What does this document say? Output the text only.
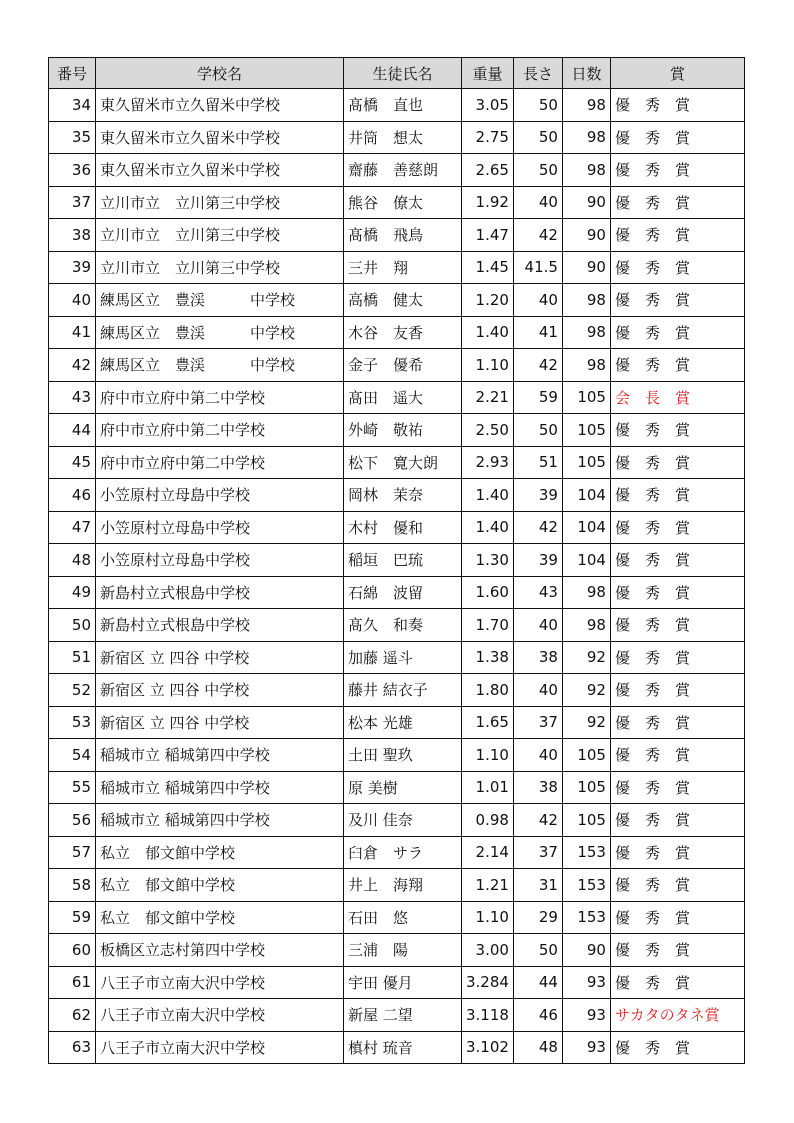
番号	学校名	生徒氏名	重量	長さ	日数	賞
34	東久留米市立久留米中学校	髙橋　直也	3.05	50	98	優　秀　賞
35	東久留米市立久留米中学校	井筒　想太	2.75	50	98	優　秀　賞
36	東久留米市立久留米中学校	齋藤　善慈朗	2.65	50	98	優　秀　賞
37	立川市立　立川第三中学校	熊谷　僚太	1.92	40	90	優　秀　賞
38	立川市立　立川第三中学校	髙橋　飛鳥	1.47	42	90	優　秀　賞
39	立川市立　立川第三中学校	三井　翔	1.45	41.5	90	優　秀　賞
40	練馬区立　豊渓　　　中学校	高橋　健太	1.20	40	98	優　秀　賞
41	練馬区立　豊渓　　　中学校	木谷　友香	1.40	41	98	優　秀　賞
42	練馬区立　豊渓　　　中学校	金子　優希	1.10	42	98	優　秀　賞
43	府中市立府中第二中学校	髙田　遥大	2.21	59	105	会　長　賞
44	府中市立府中第二中学校	外崎　敬祐	2.50	50	105	優　秀　賞
45	府中市立府中第二中学校	松下　寛大朗	2.93	51	105	優　秀　賞
46	小笠原村立母島中学校	岡林　茉奈	1.40	39	104	優　秀　賞
47	小笠原村立母島中学校	木村　優和	1.40	42	104	優　秀　賞
48	小笠原村立母島中学校	稲垣　巴琉	1.30	39	104	優　秀　賞
49	新島村立式根島中学校	石綿　波留	1.60	43	98	優　秀　賞
50	新島村立式根島中学校	髙久　和奏	1.70	40	98	優　秀　賞
51	新宿区 立 四谷 中学校	加藤 遥斗	1.38	38	92	優　秀　賞
52	新宿区 立 四谷 中学校	藤井 結衣子	1.80	40	92	優　秀　賞
53	新宿区 立 四谷 中学校	松本 光雄	1.65	37	92	優　秀　賞
54	稲城市立 稲城第四中学校	土田 聖玖	1.10	40	105	優　秀　賞
55	稲城市立 稲城第四中学校	原 美樹	1.01	38	105	優　秀　賞
56	稲城市立 稲城第四中学校	及川 佳奈	0.98	42	105	優　秀　賞
57	私立　郁文館中学校	臼倉　サラ	2.14	37	153	優　秀　賞
58	私立　郁文館中学校	井上　海翔	1.21	31	153	優　秀　賞
59	私立　郁文館中学校	石田　悠	1.10	29	153	優　秀　賞
60	板橋区立志村第四中学校	三浦　陽	3.00	50	90	優　秀　賞
61	八王子市立南大沢中学校	宇田 優月	3.284	44	93	優　秀　賞
62	八王子市立南大沢中学校	新屋 二望	3.118	46	93	サカタのタネ賞
63	八王子市立南大沢中学校	槙村 琉音	3.102	48	93	優　秀　賞
